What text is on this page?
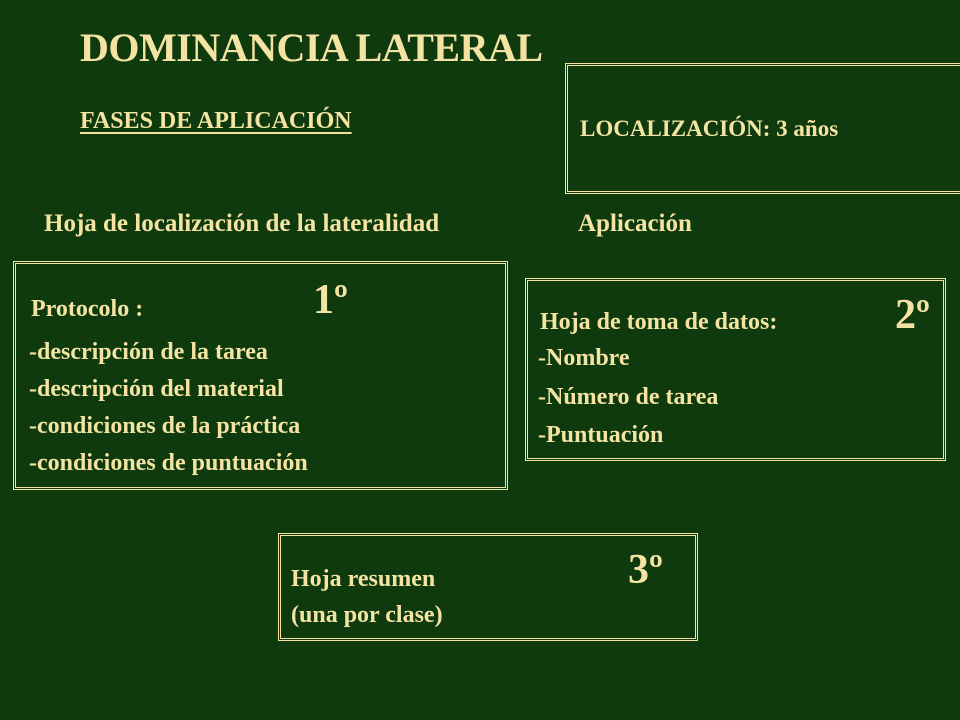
DOMINANCIA LATERAL
FASES DE APLICACIÓN	LOCALIZACIÓN: 3 años
Hoja de localización de la lateralidad	Aplicación
Protocolo :	1º
-descripción de la tarea
-descripción del material
-condiciones de la práctica
-condiciones de puntuación
Hoja de toma de datos:	2º
-Nombre
-Número de tarea
-Puntuación
Hoja resumen	3º
(una por clase)
